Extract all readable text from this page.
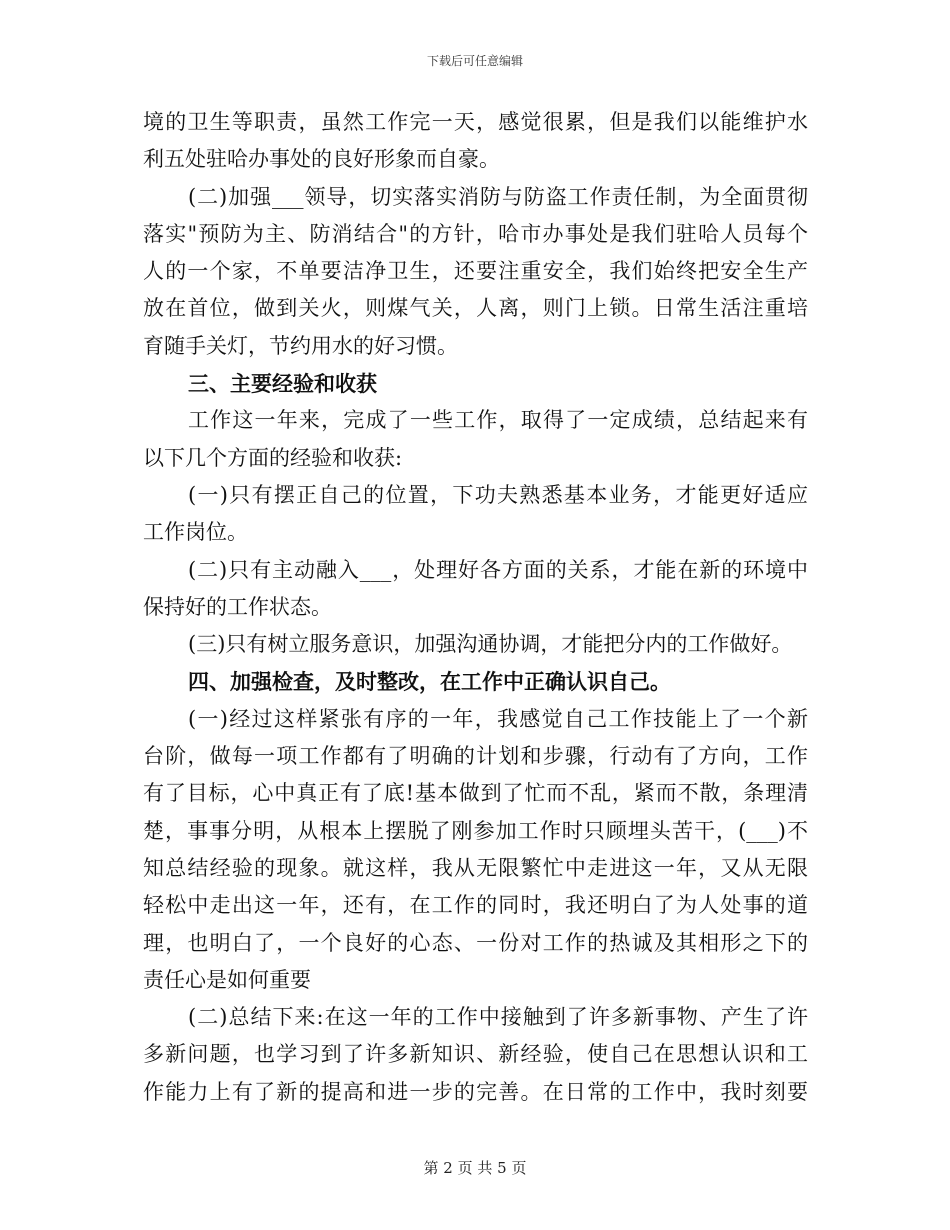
下载后可任意编辑
境的卫生等职责，虽然工作完一天，感觉很累，但是我们以能维护水
利五处驻哈办事处的良好形象而自豪。
(二)加强___领导，切实落实消防与防盗工作责任制，为全面贯彻
落实"预防为主、防消结合"的方针，哈市办事处是我们驻哈人员每个
人的一个家，不单要洁净卫生，还要注重安全，我们始终把安全生产
放在首位，做到关火，则煤气关，人离，则门上锁。日常生活注重培
育随手关灯，节约用水的好习惯。
三、主要经验和收获
工作这一年来，完成了一些工作，取得了一定成绩，总结起来有
以下几个方面的经验和收获:
(一)只有摆正自己的位置，下功夫熟悉基本业务，才能更好适应
工作岗位。
(二)只有主动融入___，处理好各方面的关系，才能在新的环境中
保持好的工作状态。
(三)只有树立服务意识，加强沟通协调，才能把分内的工作做好。
四、加强检查，及时整改，在工作中正确认识自己。
(一)经过这样紧张有序的一年，我感觉自己工作技能上了一个新
台阶，做每一项工作都有了明确的计划和步骤，行动有了方向，工作
有了目标，心中真正有了底!基本做到了忙而不乱，紧而不散，条理清
楚，事事分明，从根本上摆脱了刚参加工作时只顾埋头苦干，(___)不
知总结经验的现象。就这样，我从无限繁忙中走进这一年，又从无限
轻松中走出这一年，还有，在工作的同时，我还明白了为人处事的道
理，也明白了，一个良好的心态、一份对工作的热诚及其相形之下的
责任心是如何重要
(二)总结下来:在这一年的工作中接触到了许多新事物、产生了许
多新问题，也学习到了许多新知识、新经验，使自己在思想认识和工
作能力上有了新的提高和进一步的完善。在日常的工作中，我时刻要
第 2 页 共 5 页
